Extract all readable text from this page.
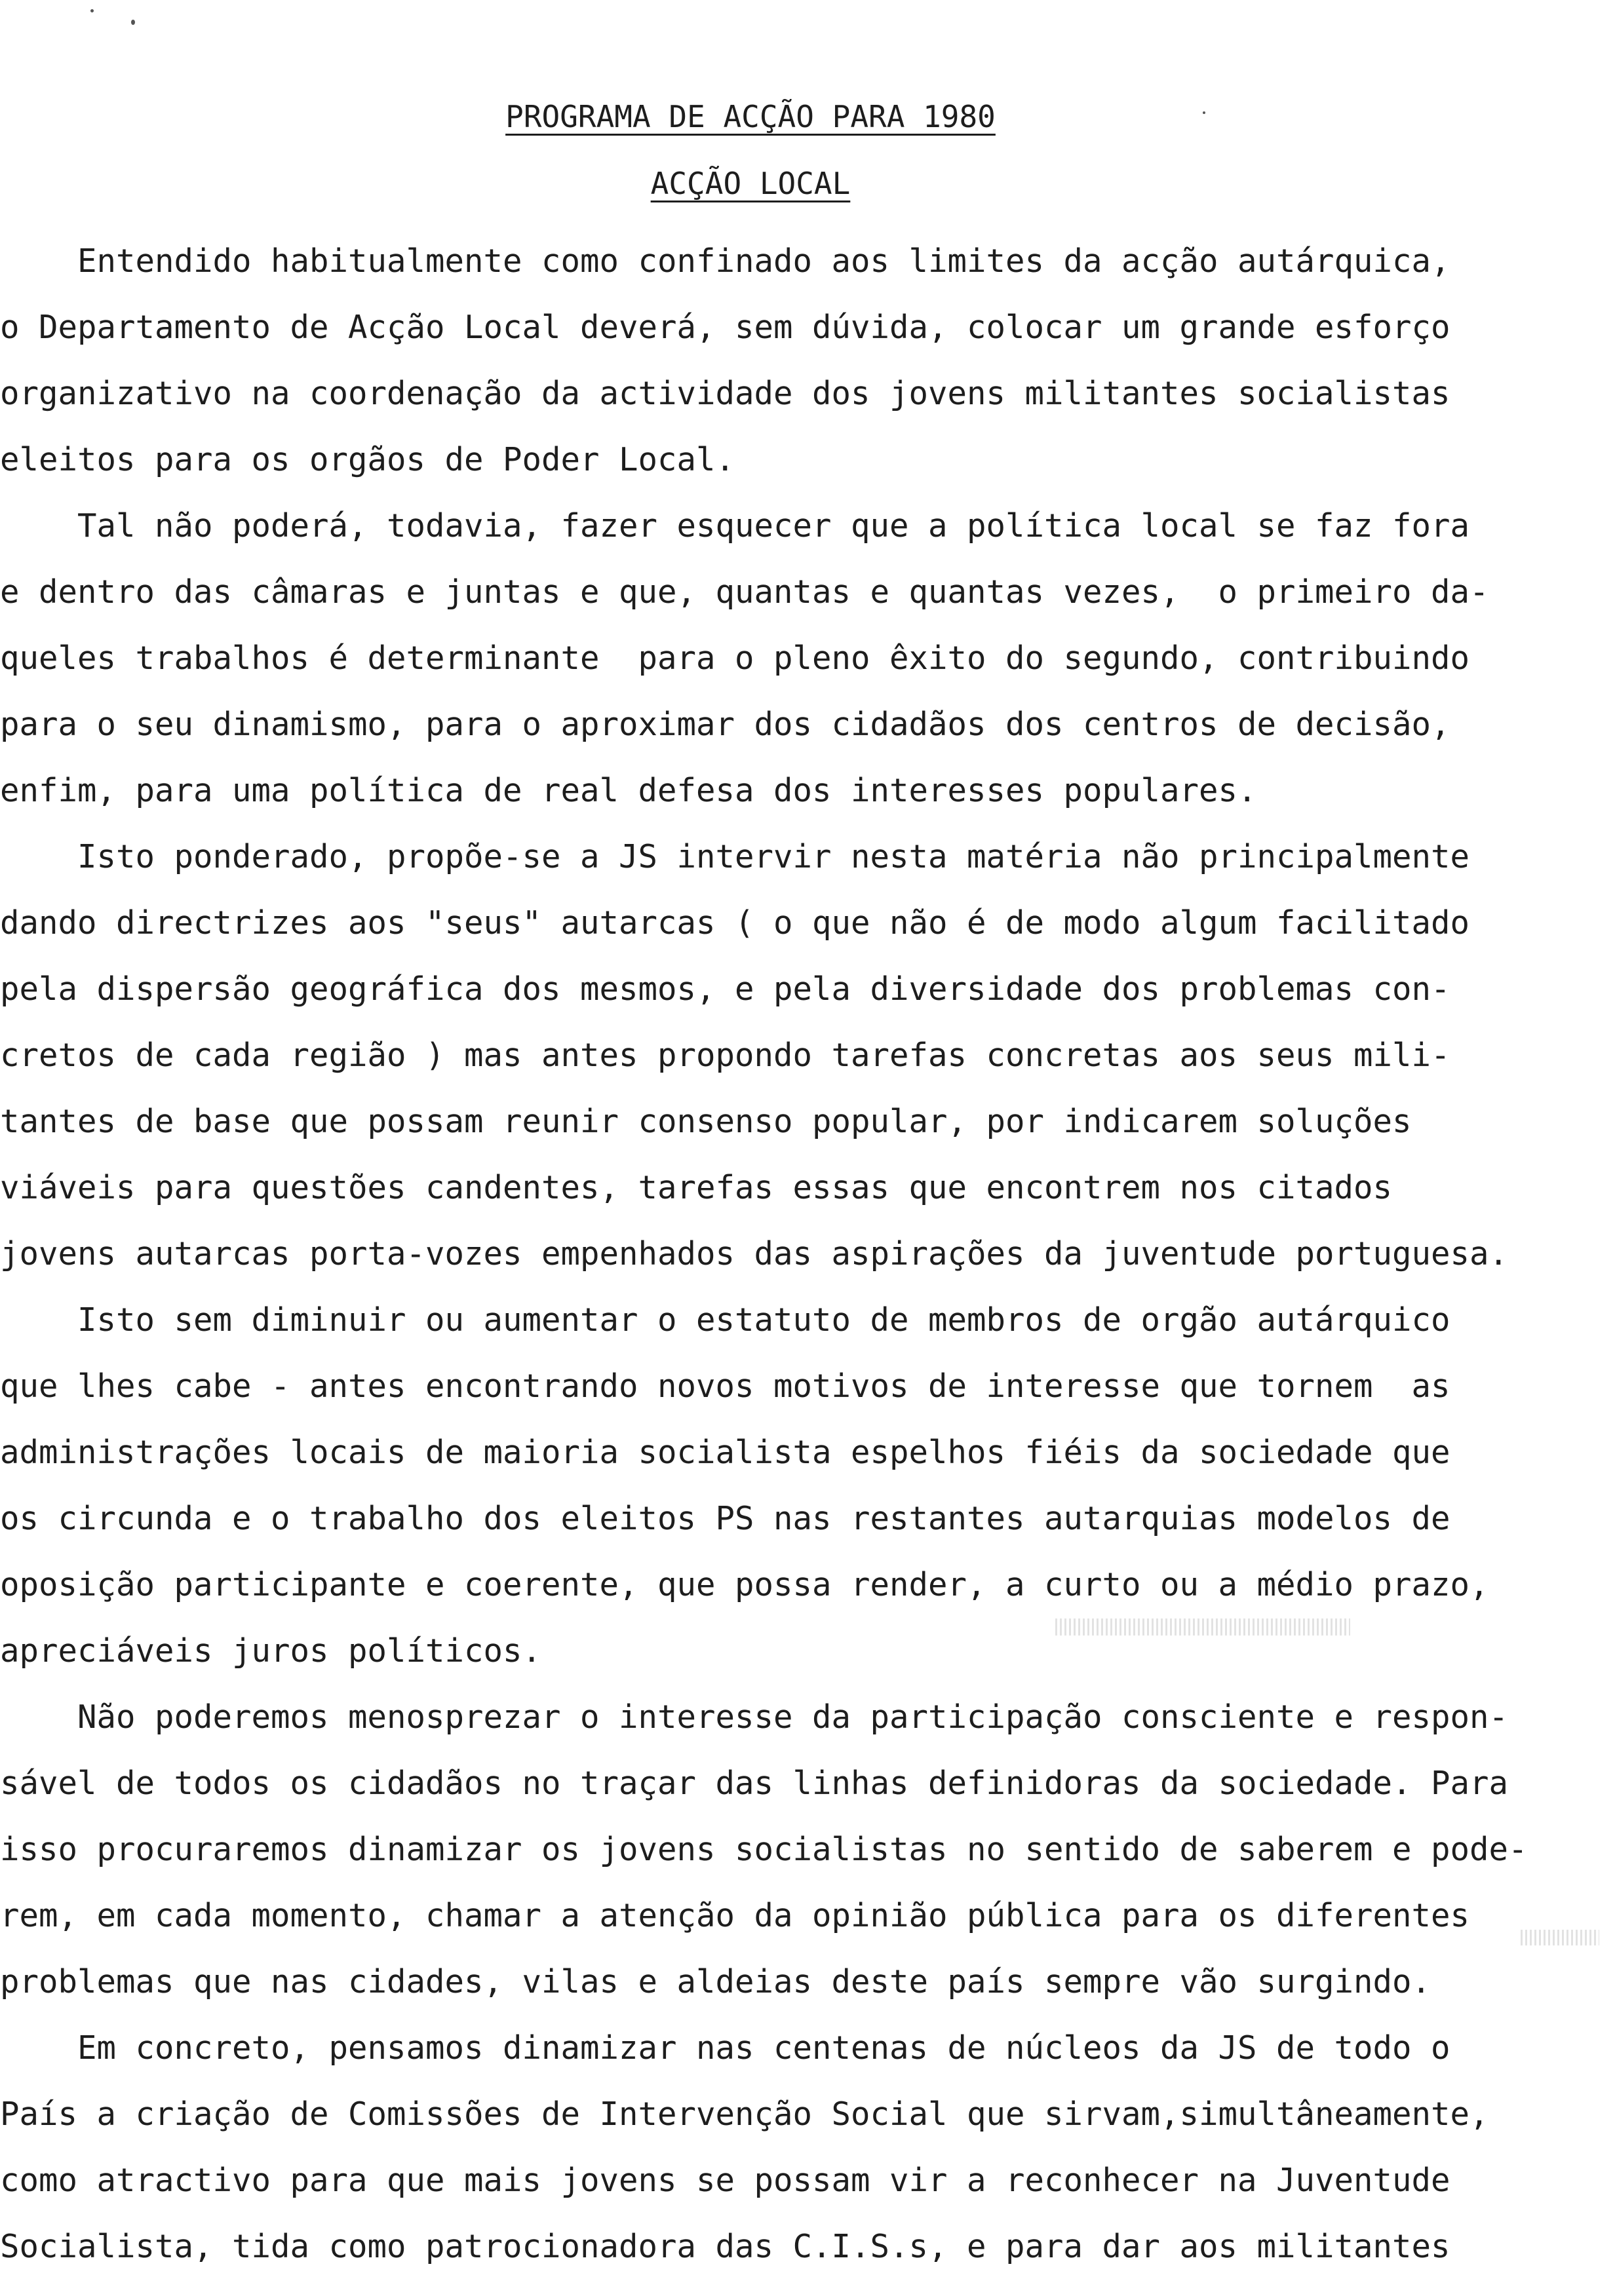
PROGRAMA DE ACÇÃO PARA 1980
ACÇÃO LOCAL
Entendido habitualmente como confinado aos limites da acção autárquica,
o Departamento de Acção Local deverá, sem dúvida, colocar um grande esforço
organizativo na coordenação da actividade dos jovens militantes socialistas
eleitos para os orgãos de Poder Local.
Tal não poderá, todavia, fazer esquecer que a política local se faz fora
e dentro das câmaras e juntas e que, quantas e quantas vezes,  o primeiro da-
queles trabalhos é determinante  para o pleno êxito do segundo, contribuindo
para o seu dinamismo, para o aproximar dos cidadãos dos centros de decisão,
enfim, para uma política de real defesa dos interesses populares.
Isto ponderado, propõe-se a JS intervir nesta matéria não principalmente
dando directrizes aos "seus" autarcas ( o que não é de modo algum facilitado
pela dispersão geográfica dos mesmos, e pela diversidade dos problemas con-
cretos de cada região ) mas antes propondo tarefas concretas aos seus mili-
tantes de base que possam reunir consenso popular, por indicarem soluções
viáveis para questões candentes, tarefas essas que encontrem nos citados
jovens autarcas porta-vozes empenhados das aspirações da juventude portuguesa.
Isto sem diminuir ou aumentar o estatuto de membros de orgão autárquico
que lhes cabe - antes encontrando novos motivos de interesse que tornem  as
administrações locais de maioria socialista espelhos fiéis da sociedade que
os circunda e o trabalho dos eleitos PS nas restantes autarquias modelos de
oposição participante e coerente, que possa render, a curto ou a médio prazo,
apreciáveis juros políticos.
Não poderemos menosprezar o interesse da participação consciente e respon-
sável de todos os cidadãos no traçar das linhas definidoras da sociedade. Para
isso procuraremos dinamizar os jovens socialistas no sentido de saberem e pode-
rem, em cada momento, chamar a atenção da opinião pública para os diferentes
problemas que nas cidades, vilas e aldeias deste país sempre vão surgindo.
Em concreto, pensamos dinamizar nas centenas de núcleos da JS de todo o
País a criação de Comissões de Intervenção Social que sirvam,simultâneamente,
como atractivo para que mais jovens se possam vir a reconhecer na Juventude
Socialista, tida como patrocionadora das C.I.S.s, e para dar aos militantes
